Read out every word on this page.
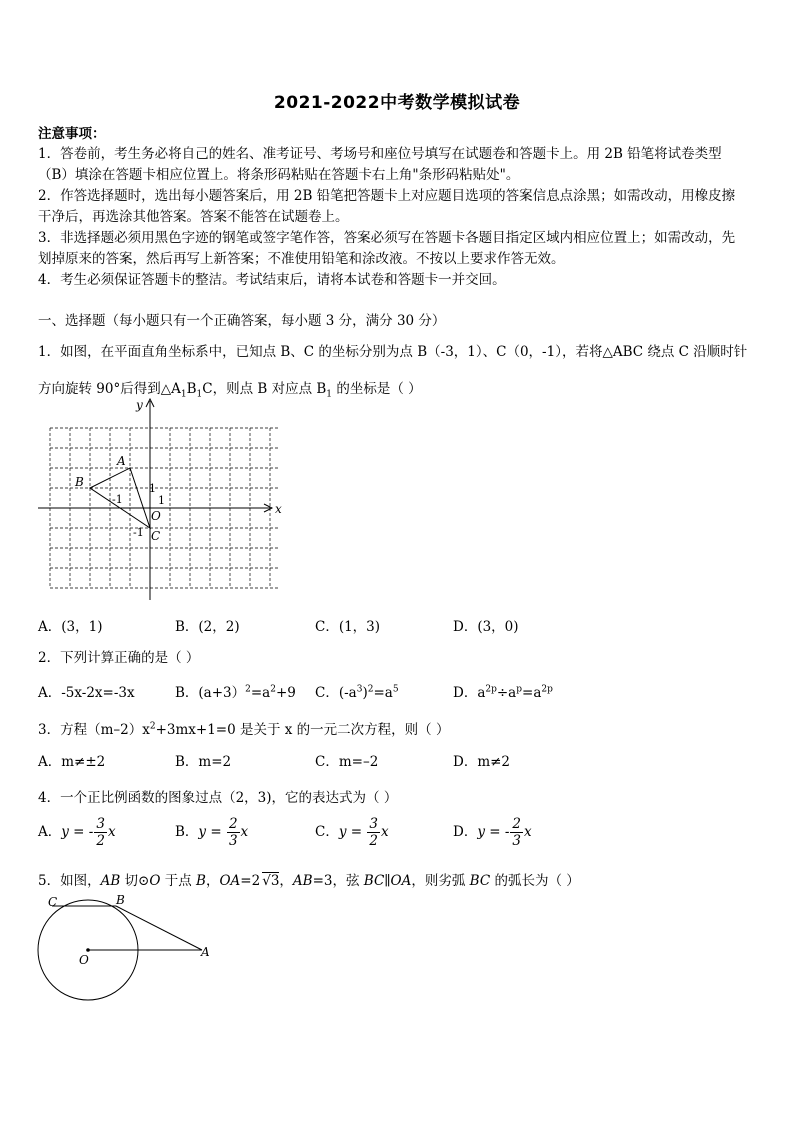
2021-2022中考数学模拟试卷
注意事项：
1．答卷前，考生务必将自己的姓名、准考证号、考场号和座位号填写在试题卷和答题卡上。用 2B 铅笔将试卷类型
（B）填涂在答题卡相应位置上。将条形码粘贴在答题卡右上角"条形码粘贴处"。
2．作答选择题时，选出每小题答案后，用 2B 铅笔把答题卡上对应题目选项的答案信息点涂黑；如需改动，用橡皮擦
干净后，再选涂其他答案。答案不能答在试题卷上。
3．非选择题必须用黑色字迹的钢笔或签字笔作答，答案必须写在答题卡各题目指定区域内相应位置上；如需改动，先
划掉原来的答案，然后再写上新答案；不准使用铅笔和涂改液。不按以上要求作答无效。
4．考生必须保证答题卡的整洁。考试结束后，请将本试卷和答题卡一并交回。
一、选择题（每小题只有一个正确答案，每小题 3 分，满分 30 分）
1．如图，在平面直角坐标系中，已知点 B、C 的坐标分别为点 B（-3，1）、C（0，-1），若将△ABC 绕点 C 沿顺时针
方向旋转 90°后得到$\triangle A_1B_1C$，则点 B 对应点 $B_1$ 的坐标是（ ）
x
y
O
A
B
C
-1
1
1
-1
A．(3，1)	B．(2，2)	C．(1，3)	D．(3，0)
2．下列计算正确的是（ ）
A．-5x-2x=-3x	B．$(a+3)^2=a^2+9$ C．$(-a^3)^2=a^5$	D．$a^{2p}\div a^p=a^{2p}$
3．方程$(m-2)x^2+3mx+1=0$ 是关于 x 的一元二次方程，则（ ）
A．m≠±2	B．m=2	C．m=–2	D．m≠2
4．一个正比例函数的图象过点（2，3)，它的表达式为（ ）
A．y = - $\frac{3}{2}$ x	B．$y = \frac{2}{3}$ x	C．$y = \frac{3}{2}$ x	D．y = - $\frac{2}{3}$ x
5．如图，AB 切⊙O 于点 B，OA=2 √3，AB=3，弦 BC∥OA，则劣弧 BC 的弧长为（ ）
C	B
O
A
